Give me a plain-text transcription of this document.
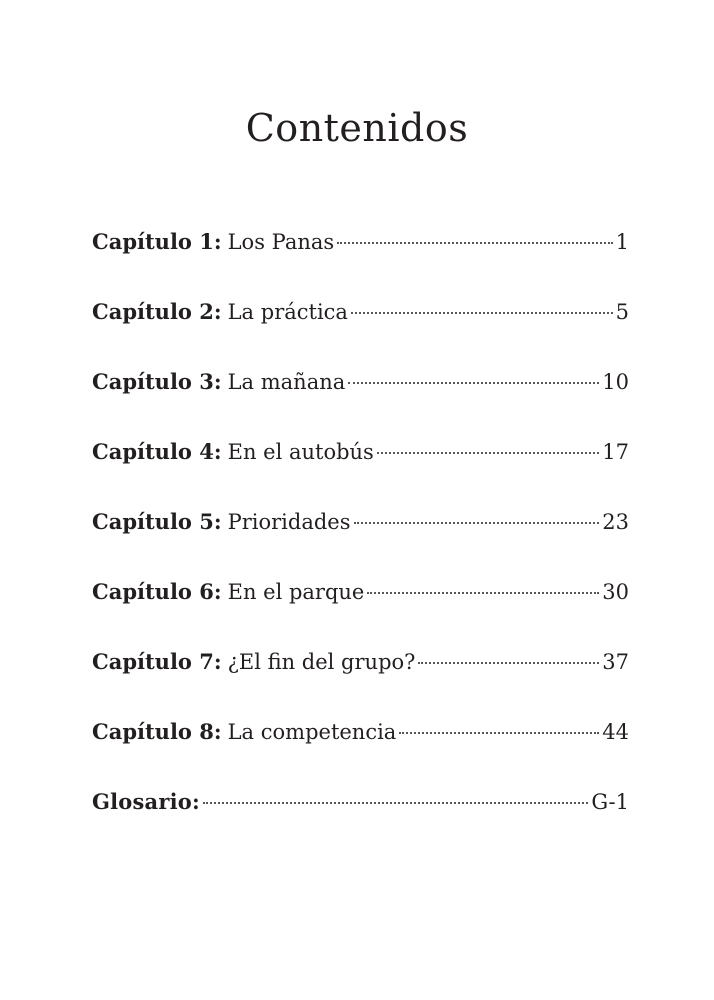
Contenidos
Capítulo 1: Los Panas	1
Capítulo 2: La práctica	5
Capítulo 3: La mañana	10
Capítulo 4: En el autobús	17
Capítulo 5: Prioridades	23
Capítulo 6: En el parque	30
Capítulo 7: ¿El fin del grupo?	37
Capítulo 8: La competencia	44
Glosario:	G-1
